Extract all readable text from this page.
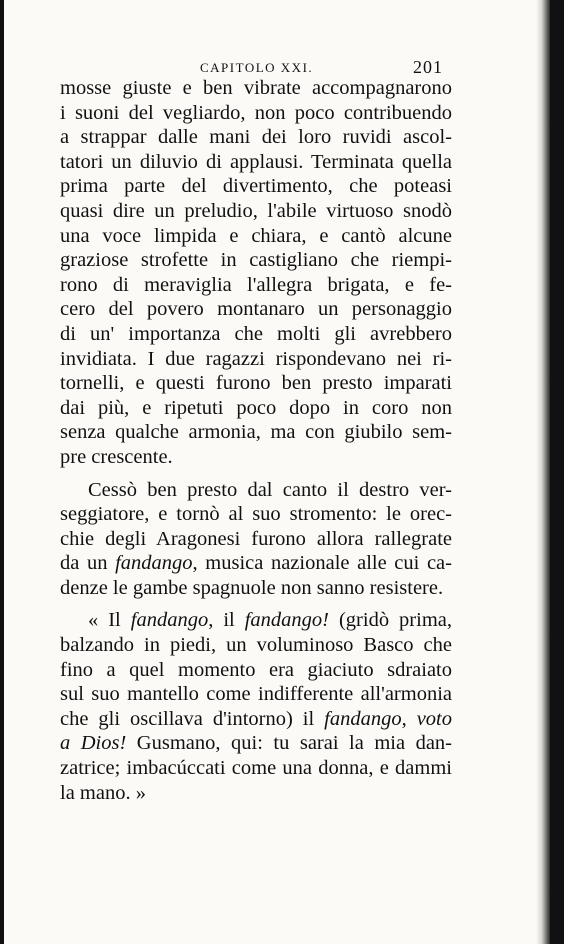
CAPITOLO XXI.	201
mosse giuste e ben vibrate accompagnarono
i suoni del vegliardo, non poco contribuendo
a strappar dalle mani dei loro ruvidi ascol-
tatori un diluvio di applausi. Terminata quella
prima parte del divertimento, che poteasi
quasi dire un preludio, l'abile virtuoso snodò
una voce limpida e chiara, e cantò alcune
graziose strofette in castigliano che riempi-
rono di meraviglia l'allegra brigata, e fe-
cero del povero montanaro un personaggio
di un' importanza che molti gli avrebbero
invidiata. I due ragazzi rispondevano nei ri-
tornelli, e questi furono ben presto imparati
dai più, e ripetuti poco dopo in coro non
senza qualche armonia, ma con giubilo sem-
pre crescente.
Cessò ben presto dal canto il destro ver-
seggiatore, e tornò al suo stromento: le orec-
chie degli Aragonesi furono allora rallegrate
da un fandango, musica nazionale alle cui ca-
denze le gambe spagnuole non sanno resistere.
« Il fandango, il fandango! (gridò prima,
balzando in piedi, un voluminoso Basco che
fino a quel momento era giaciuto sdraiato
sul suo mantello come indifferente all'armonia
che gli oscillava d'intorno) il fandango, voto
a Dios! Gusmano, qui: tu sarai la mia dan-
zatrice; imbacúccati come una donna, e dammi
la mano. »
